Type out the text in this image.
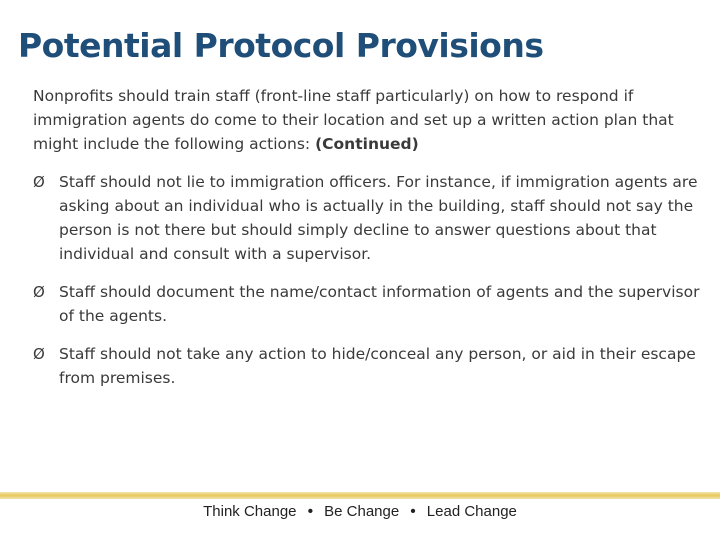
Potential Protocol Provisions

Nonprofits should train staff (front-line staff particularly) on how to respond if immigration agents do come to their location and set up a written action plan that might include the following actions: (Continued)

Ø Staff should not lie to immigration officers. For instance, if immigration agents are asking about an individual who is actually in the building, staff should not say the person is not there but should simply decline to answer questions about that individual and consult with a supervisor.
Ø Staff should document the name/contact information of agents and the supervisor of the agents.
Ø Staff should not take any action to hide/conceal any person, or aid in their escape from premises.
Think Change • Be Change • Lead Change
